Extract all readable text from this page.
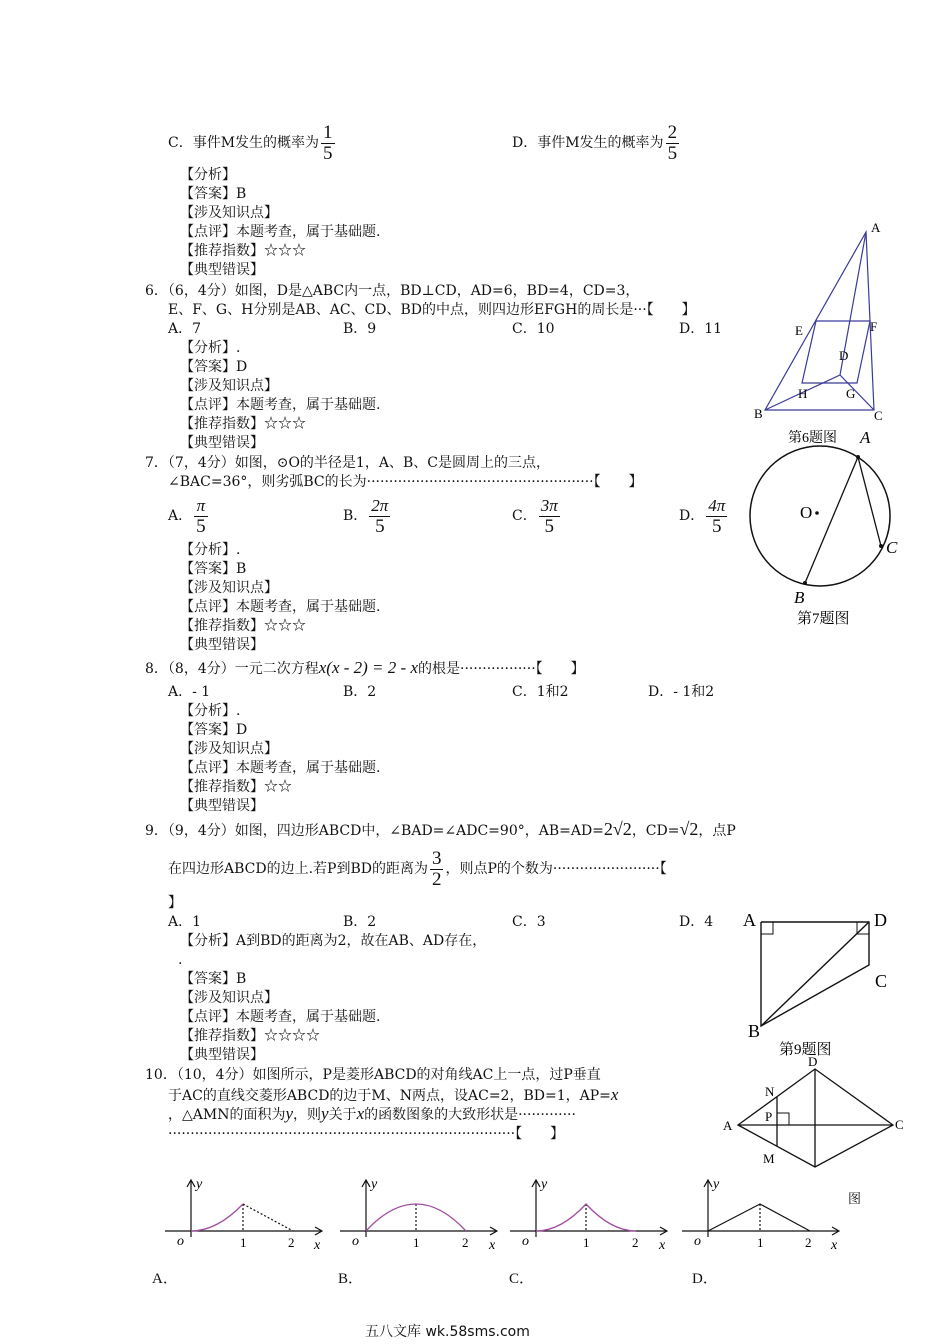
C．事件M发生的概率为 $\frac{1}{5}$	D．事件M发生的概率为 $\frac{2}{5}$
【分析】
【答案】B
【涉及知识点】
【点评】本题考查，属于基础题.
【推荐指数】☆☆☆
【典型错误】
6．（6，4分）如图，D是△ABC内一点，BD⊥CD，AD=6，BD=4，CD=3，
E、F、G、H分别是AB、AC、CD、BD的中点，则四边形EFGH的周长是···【　　】
A．7	B．9	C．10	D．11
【分析】.
【答案】D
【涉及知识点】
【点评】本题考查，属于基础题.
【推荐指数】☆☆☆
【典型错误】
A
B	C
D
E	F
G
H
第6题图
7．（7，4分）如图，⊙O的半径是1，A、B、C是圆周上的三点，
∠BAC=36°，则劣弧BC的长为···················································【　　】
A． $\frac{\pi}{5}$	B． $\frac{2\pi}{5}$	C． $\frac{3\pi}{5}$	D． $\frac{4\pi}{5}$
【分析】.
【答案】B
【涉及知识点】
【点评】本题考查，属于基础题.
【推荐指数】☆☆☆
【典型错误】
A
B
C
O
第7题图
8．（8，4分）一元二次方程x(x - 2) = 2 - x的根是·················【　　】
A．- 1	B．2	C．1和2	D．- 1和2
【分析】.
【答案】D
【涉及知识点】
【点评】本题考查，属于基础题.
【推荐指数】☆☆
【典型错误】
9．（9，4分）如图，四边形ABCD中，∠BAD=∠ADC=90°，AB=AD=2√2，CD=√2，点P
在四边形ABCD的边上.若P到BD的距离为 $\frac{3}{2}$ ，则点P的个数为························【
】
A．1	B．2	C．3	D．4
【分析】A到BD的距离为2，故在AB、AD存在，
.
【答案】B
【涉及知识点】
【点评】本题考查，属于基础题.
【推荐指数】☆☆☆☆
【典型错误】
A	D
C
B
第9题图
10．（10，4分）如图所示，P是菱形ABCD的对角线AC上一点，过P垂直
于AC的直线交菱形ABCD的边于M、N两点，设AC=2，BD=1，AP=x
，△AMN的面积为y，则y关于x的函数图象的大致形状是·············
··············································································【　　】
A
D
C
N
P
M
图
y
o	1	2 x
y
o	1	2 x
y
o	1	2 x
y
o	1	2 x
A．	B．	C．	D．
五八文库 wk.58sms.com
